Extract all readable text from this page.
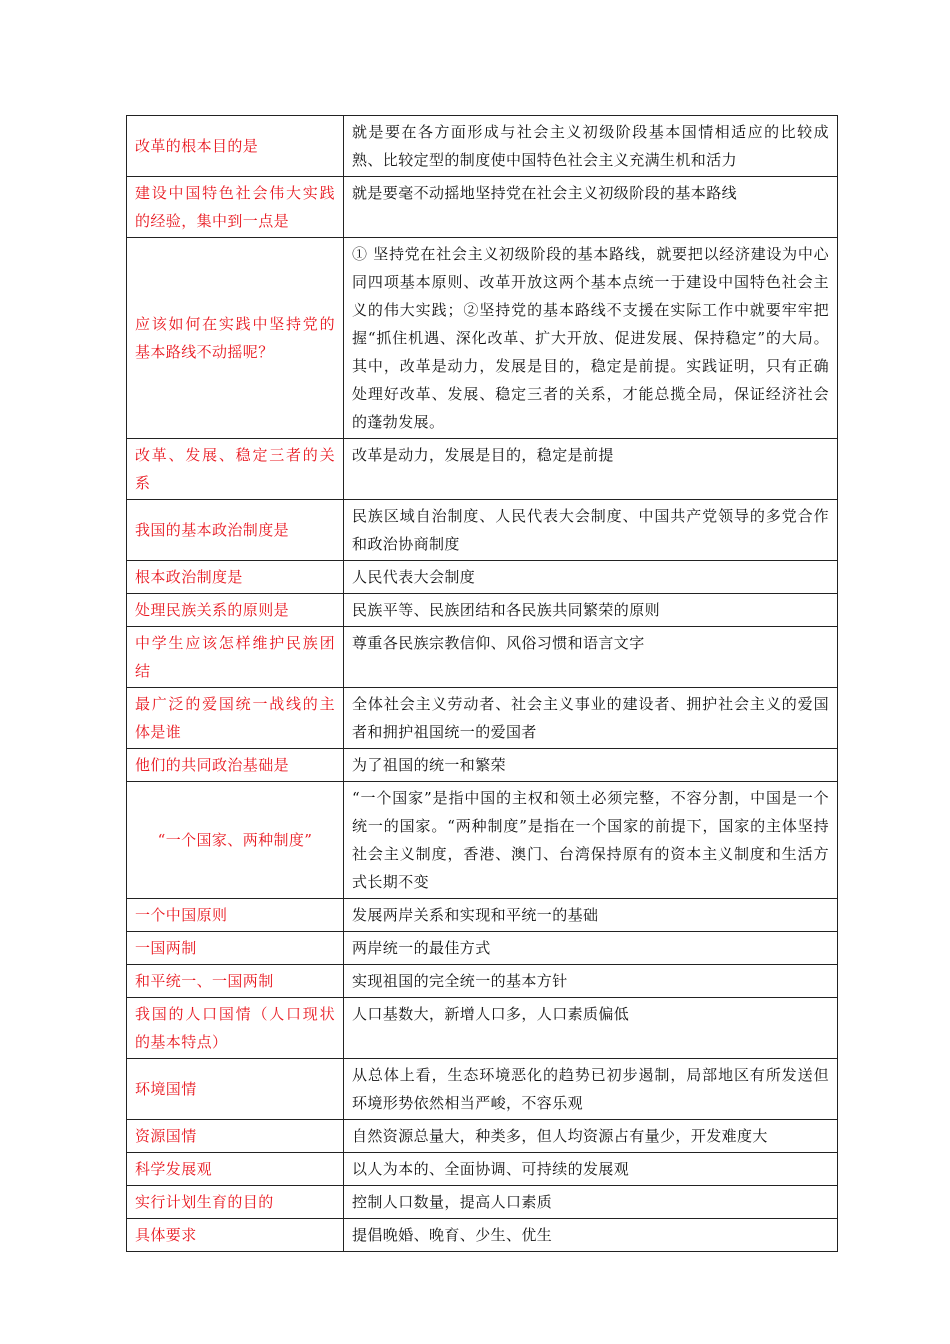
改革的根本目的是	就是要在各方面形成与社会主义初级阶段基本国情相适应的比较成熟、比较定型的制度使中国特色社会主义充满生机和活力
建设中国特色社会伟大实践的经验，集中到一点是	就是要毫不动摇地坚持党在社会主义初级阶段的基本路线
应该如何在实践中坚持党的基本路线不动摇呢？	① 坚持党在社会主义初级阶段的基本路线，就要把以经济建设为中心同四项基本原则、改革开放这两个基本点统一于建设中国特色社会主义的伟大实践；②坚持党的基本路线不支援在实际工作中就要牢牢把握“抓住机遇、深化改革、扩大开放、促进发展、保持稳定”的大局。其中，改革是动力，发展是目的，稳定是前提。实践证明，只有正确处理好改革、发展、稳定三者的关系，才能总揽全局，保证经济社会的蓬勃发展。
改革、发展、稳定三者的关系	改革是动力，发展是目的，稳定是前提
我国的基本政治制度是	民族区域自治制度、人民代表大会制度、中国共产党领导的多党合作和政治协商制度
根本政治制度是	人民代表大会制度
处理民族关系的原则是	民族平等、民族团结和各民族共同繁荣的原则
中学生应该怎样维护民族团结	尊重各民族宗教信仰、风俗习惯和语言文字
最广泛的爱国统一战线的主体是谁	全体社会主义劳动者、社会主义事业的建设者、拥护社会主义的爱国者和拥护祖国统一的爱国者
他们的共同政治基础是	为了祖国的统一和繁荣
“一个国家、两种制度”	“一个国家”是指中国的主权和领土必须完整，不容分割，中国是一个统一的国家。“两种制度”是指在一个国家的前提下，国家的主体坚持社会主义制度，香港、澳门、台湾保持原有的资本主义制度和生活方式长期不变
一个中国原则	发展两岸关系和实现和平统一的基础
一国两制	两岸统一的最佳方式
和平统一、一国两制	实现祖国的完全统一的基本方针
我国的人口国情（人口现状的基本特点）	人口基数大，新增人口多，人口素质偏低
环境国情	从总体上看，生态环境恶化的趋势已初步遏制，局部地区有所发送但环境形势依然相当严峻，不容乐观
资源国情	自然资源总量大，种类多，但人均资源占有量少，开发难度大
科学发展观	以人为本的、全面协调、可持续的发展观
实行计划生育的目的	控制人口数量，提高人口素质
具体要求	提倡晚婚、晚育、少生、优生
